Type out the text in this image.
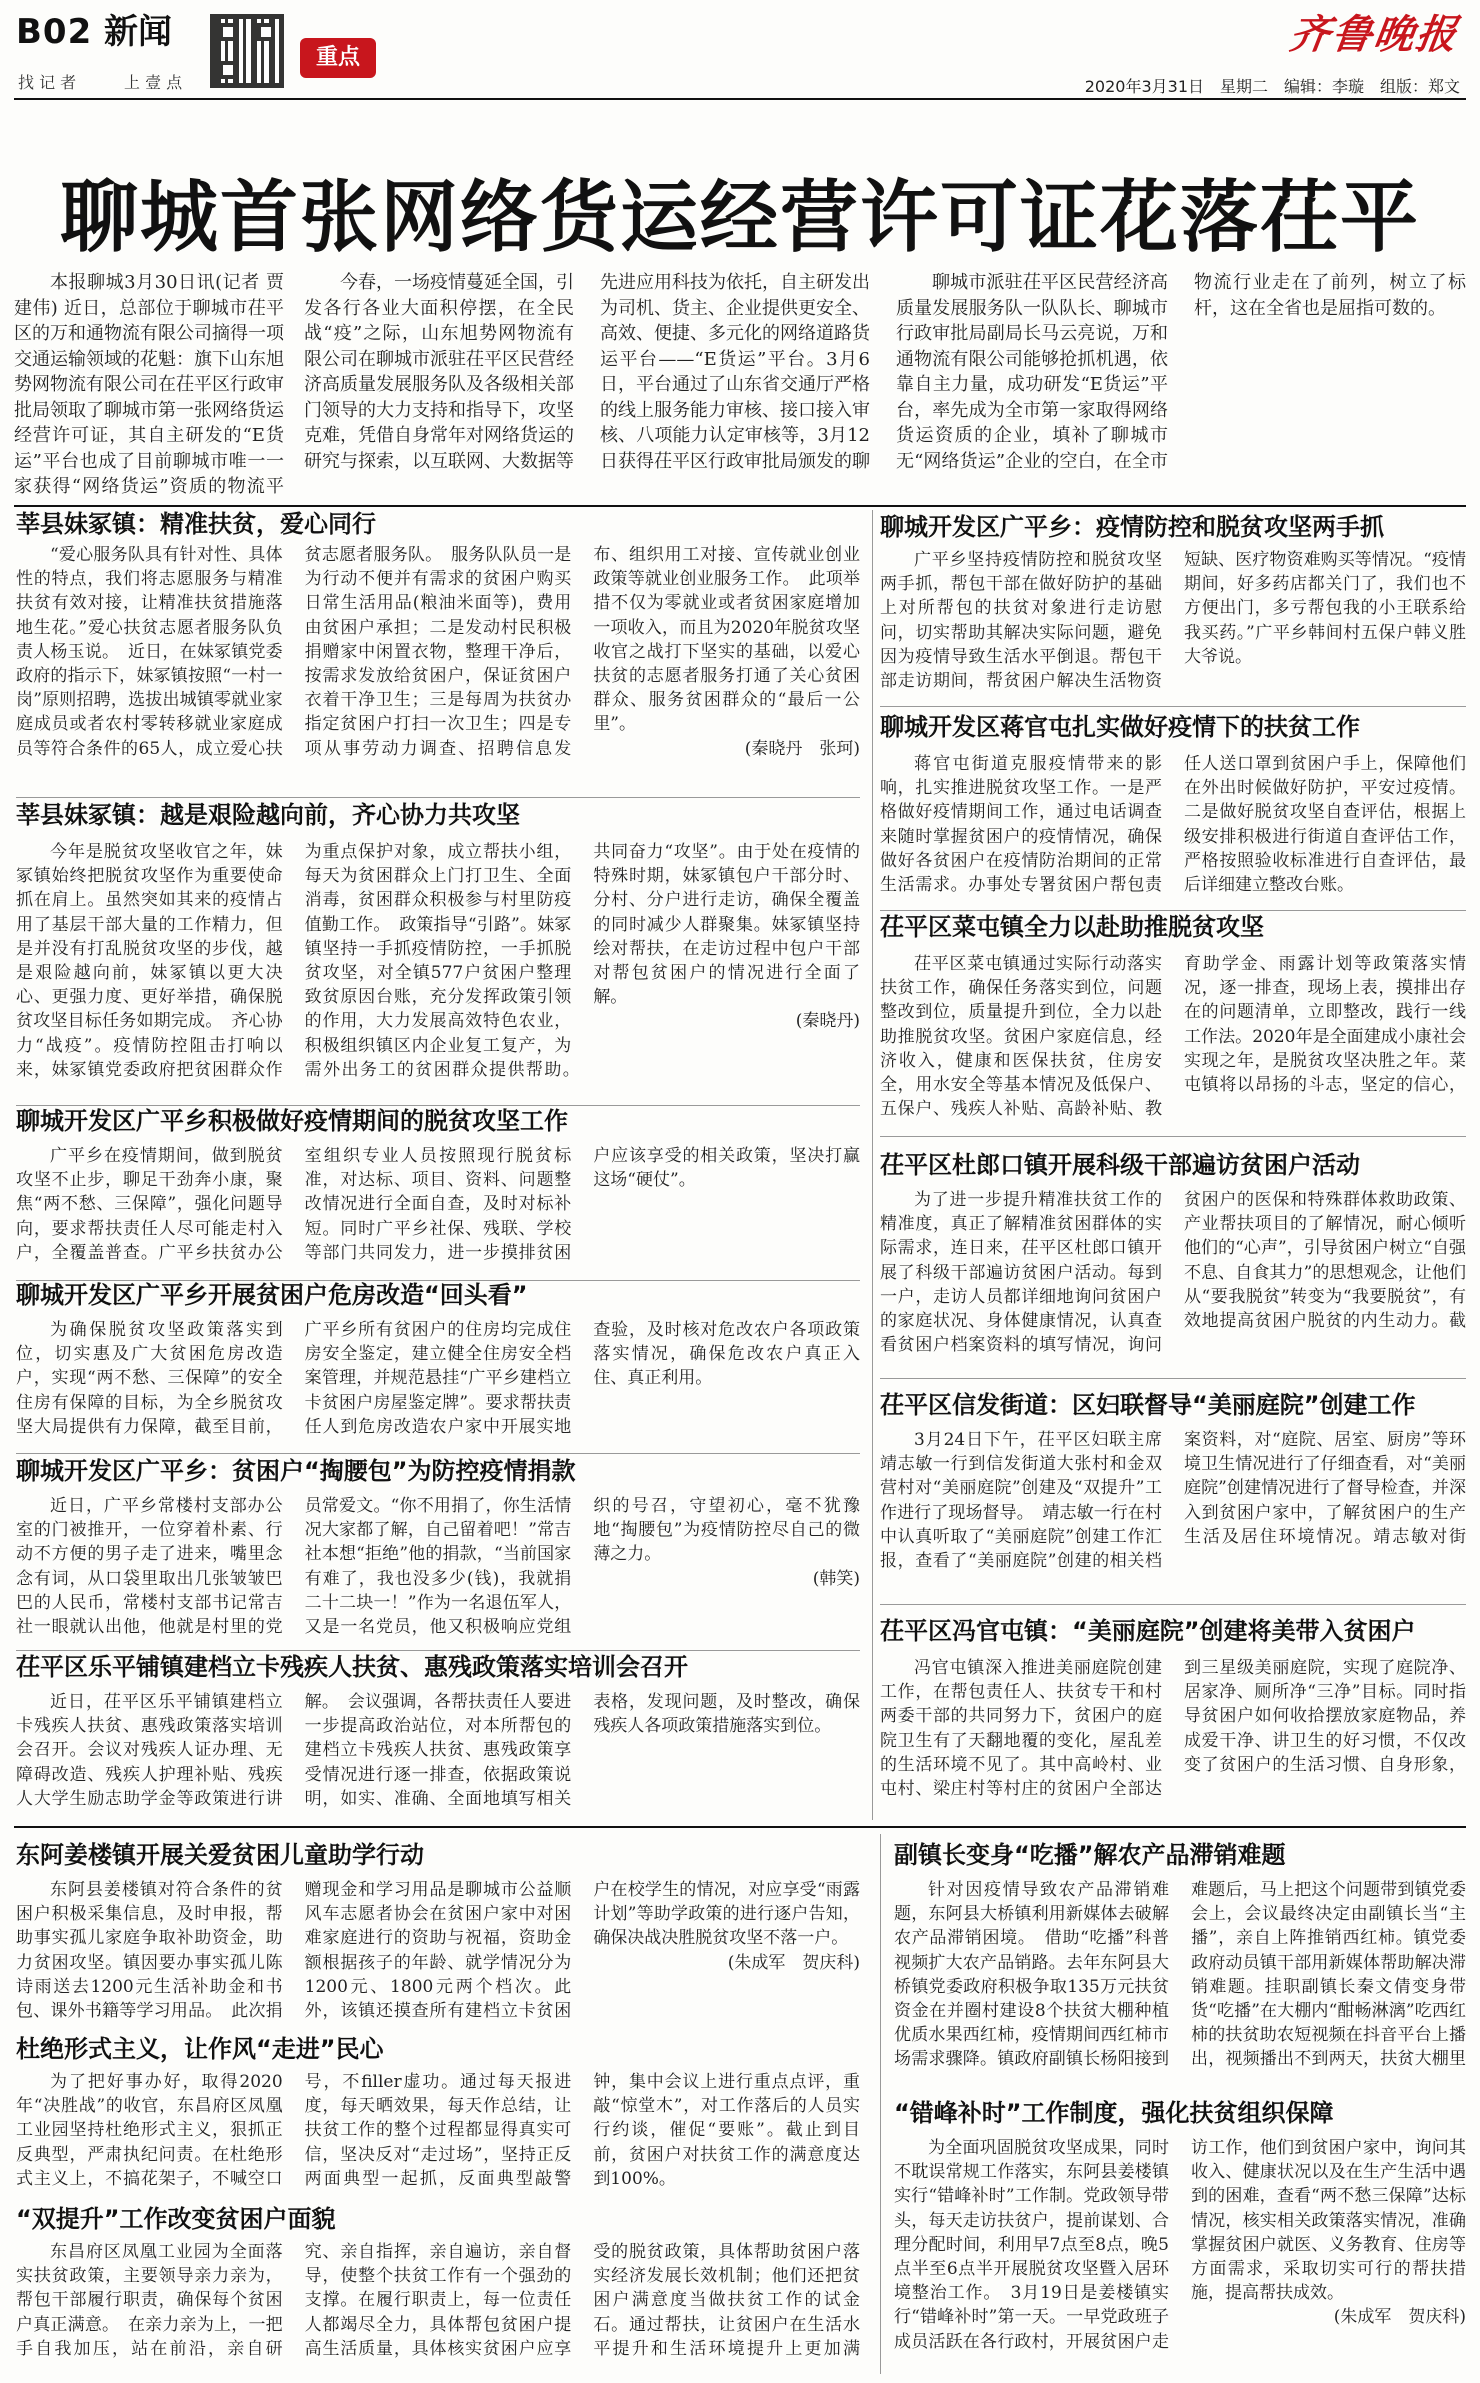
B02 新闻
找 记 者	上 壹 点
重点	齐鲁晚报
2020年3月31日　星期二　编辑：李璇　组版：郑文
聊城首张网络货运经营许可证花落茌平

本报聊城3月30日讯(记者 贾建伟) 近日，总部位于聊城市茌平区的万和通物流有限公司摘得一项交通运输领域的花魁：旗下山东旭势网物流有限公司在茌平区行政审批局领取了聊城市第一张网络货运经营许可证，其自主研发的“E货运”平台也成了目前聊城市唯一一家获得“网络货运”资质的物流平

今春，一场疫情蔓延全国，引发各行各业大面积停摆，在全民战“疫”之际，山东旭势网物流有限公司在聊城市派驻茌平区民营经济高质量发展服务队及各级相关部门领导的大力支持和指导下，攻坚克难，凭借自身常年对网络货运的研究与探索，以互联网、大数据等先进应用科技为依托，自主研发出为司机、货主、企业提供更安全、高效、便捷、多元化的网络道路货运平台——“E货运”平台。3月6日，平台通过了山东省交通厅严格的线上服务能力审核、接口接入审核、八项能力认定审核等，3月12日获得茌平区行政审批局颁发的聊

聊城市派驻茌平区民营经济高质量发展服务队一队队长、聊城市行政审批局副局长马云亮说，万和通物流有限公司能够抢抓机遇，依靠自主力量，成功研发“E货运”平台，率先成为全市第一家取得网络货运资质的企业，填补了聊城市无“网络货运”企业的空白，在全市物流行业走在了前列，树立了标杆，这在全省也是屈指可数的。

莘县妹冢镇：精准扶贫，爱心同行

“爱心服务队具有针对性、具体性的特点，我们将志愿服务与精准扶贫有效对接，让精准扶贫措施落地生花。”爱心扶贫志愿者服务队负责人杨玉说。　近日，在妹冢镇党委政府的指示下，妹冢镇按照“一村一岗”原则招聘，选拔出城镇零就业家庭成员或者农村零转移就业家庭成员等符合条件的65人，成立爱心扶贫志愿者服务队。　服务队队员一是为行动不便并有需求的贫困户购买日常生活用品(粮油米面等)，费用由贫困户承担；二是发动村民积极捐赠家中闲置衣物，整理干净后，按需求发放给贫困户，保证贫困户衣着干净卫生；三是每周为扶贫办指定贫困户打扫一次卫生；四是专项从事劳动力调查、招聘信息发布、组织用工对接、宣传就业创业政策等就业创业服务工作。　此项举措不仅为零就业或者贫困家庭增加一项收入，而且为2020年脱贫攻坚收官之战打下坚实的基础，以爱心扶贫的志愿者服务打通了关心贫困群众、服务贫困群众的“最后一公里”。

(秦晓丹　张珂)

莘县妹冢镇：越是艰险越向前，齐心协力共攻坚

今年是脱贫攻坚收官之年，妹冢镇始终把脱贫攻坚作为重要使命抓在肩上。虽然突如其来的疫情占用了基层干部大量的工作精力，但是并没有打乱脱贫攻坚的步伐，越是艰险越向前，妹冢镇以更大决心、更强力度、更好举措，确保脱贫攻坚目标任务如期完成。　齐心协力“战疫”。疫情防控阻击打响以来，妹冢镇党委政府把贫困群众作为重点保护对象，成立帮扶小组，每天为贫困群众上门打卫生、全面消毒，贫困群众积极参与村里防疫值勤工作。　政策指导“引路”。妹冢镇坚持一手抓疫情防控，一手抓脱贫攻坚，对全镇577户贫困户整理致贫原因台账，充分发挥政策引领的作用，大力发展高效特色农业，积极组织镇区内企业复工复产，为需外出务工的贫困群众提供帮助。　共同奋力“攻坚”。由于处在疫情的特殊时期，妹冢镇包户干部分时、分村、分户进行走访，确保全覆盖的同时减少人群聚集。妹冢镇坚持绘对帮扶，在走访过程中包户干部对帮包贫困户的情况进行全面了解。

(秦晓丹)

聊城开发区广平乡积极做好疫情期间的脱贫攻坚工作

广平乡在疫情期间，做到脱贫攻坚不止步，聊足干劲奔小康，聚焦“两不愁、三保障”，强化问题导向，要求帮扶责任人尽可能走村入户，全覆盖普查。广平乡扶贫办公室组织专业人员按照现行脱贫标准，对达标、项目、资料、问题整改情况进行全面自查，及时对标补短。同时广平乡社保、残联、学校等部门共同发力，进一步摸排贫困户应该享受的相关政策，坚决打赢这场“硬仗”。

聊城开发区广平乡开展贫困户危房改造“回头看”

为确保脱贫攻坚政策落实到位，切实惠及广大贫困危房改造户，实现“两不愁、三保障”的安全住房有保障的目标，为全乡脱贫攻坚大局提供有力保障，截至目前，广平乡所有贫困户的住房均完成住房安全鉴定，建立健全住房安全档案管理，并规范悬挂“广平乡建档立卡贫困户房屋鉴定牌”。要求帮扶责任人到危房改造农户家中开展实地查验，及时核对危改农户各项政策落实情况，确保危改农户真正入住、真正利用。

聊城开发区广平乡：贫困户“掏腰包”为防控疫情捐款

近日，广平乡常楼村支部办公室的门被推开，一位穿着朴素、行动不方便的男子走了进来，嘴里念念有词，从口袋里取出几张皱皱巴巴的人民币，常楼村支部书记常吉社一眼就认出他，他就是村里的党员常爱文。“你不用捐了，你生活情况大家都了解，自己留着吧！”常吉社本想“拒绝”他的捐款，“当前国家有难了，我也没多少(钱)，我就捐二十二块一！”作为一名退伍军人，又是一名党员，他又积极响应党组织的号召，守望初心，毫不犹豫地“掏腰包”为疫情防控尽自己的微薄之力。

(韩笑)

茌平区乐平铺镇建档立卡残疾人扶贫、惠残政策落实培训会召开

近日，茌平区乐平铺镇建档立卡残疾人扶贫、惠残政策落实培训会召开。会议对残疾人证办理、无障碍改造、残疾人护理补贴、残疾人大学生励志助学金等政策进行讲解。　会议强调，各帮扶责任人要进一步提高政治站位，对本所帮包的建档立卡残疾人扶贫、惠残政策享受情况进行逐一排查，依据政策说明，如实、准确、全面地填写相关表格，发现问题，及时整改，确保残疾人各项政策措施落实到位。

聊城开发区广平乡：疫情防控和脱贫攻坚两手抓

广平乡坚持疫情防控和脱贫攻坚两手抓，帮包干部在做好防护的基础上对所帮包的扶贫对象进行走访慰问，切实帮助其解决实际问题，避免因为疫情导致生活水平倒退。帮包干部走访期间，帮贫困户解决生活物资短缺、医疗物资难购买等情况。“疫情期间，好多药店都关门了，我们也不方便出门，多亏帮包我的小王联系给我买药。”广平乡韩间村五保户韩义胜大爷说。

聊城开发区蒋官屯扎实做好疫情下的扶贫工作

蒋官屯街道克服疫情带来的影响，扎实推进脱贫攻坚工作。一是严格做好疫情期间工作，通过电话调查来随时掌握贫困户的疫情情况，确保做好各贫困户在疫情防治期间的正常生活需求。办事处专署贫困户帮包责任人送口罩到贫困户手上，保障他们在外出时候做好防护，平安过疫情。二是做好脱贫攻坚自查评估，根据上级安排积极进行街道自查评估工作，严格按照验收标准进行自查评估，最后详细建立整改台账。

茌平区菜屯镇全力以赴助推脱贫攻坚

茌平区菜屯镇通过实际行动落实扶贫工作，确保任务落实到位，问题整改到位，质量提升到位，全力以赴助推脱贫攻坚。贫困户家庭信息，经济收入，健康和医保扶贫，住房安全，用水安全等基本情况及低保户、五保户、残疾人补贴、高龄补贴、教育助学金、雨露计划等政策落实情况，逐一排查，现场上表，摸排出存在的问题清单，立即整改，践行一线工作法。2020年是全面建成小康社会实现之年，是脱贫攻坚决胜之年。菜屯镇将以昂扬的斗志，坚定的信心，

茌平区杜郎口镇开展科级干部遍访贫困户活动

为了进一步提升精准扶贫工作的精准度，真正了解精准贫困群体的实际需求，连日来，茌平区杜郎口镇开展了科级干部遍访贫困户活动。每到一户，走访人员都详细地询问贫困户的家庭状况、身体健康情况，认真查看贫困户档案资料的填写情况，询问贫困户的医保和特殊群体救助政策、产业帮扶项目的了解情况，耐心倾听他们的“心声”，引导贫困户树立“自强不息、自食其力”的思想观念，让他们从“要我脱贫”转变为“我要脱贫”，有效地提高贫困户脱贫的内生动力。截

茌平区信发街道：区妇联督导“美丽庭院”创建工作

3月24日下午，茌平区妇联主席靖志敏一行到信发街道大张村和金双营村对“美丽庭院”创建及“双提升”工作进行了现场督导。　靖志敏一行在村中认真听取了“美丽庭院”创建工作汇报，查看了“美丽庭院”创建的相关档案资料，对“庭院、居室、厨房”等环境卫生情况进行了仔细查看，对“美丽庭院”创建情况进行了督导检查，并深入到贫困户家中，了解贫困户的生产生活及居住环境情况。靖志敏对街

茌平区冯官屯镇：“美丽庭院”创建将美带入贫困户

冯官屯镇深入推进美丽庭院创建工作，在帮包责任人、扶贫专干和村两委干部的共同努力下，贫困户的庭院卫生有了天翻地覆的变化，屋乱差的生活环境不见了。其中高岭村、业屯村、梁庄村等村庄的贫困户全部达到三星级美丽庭院，实现了庭院净、居家净、厕所净“三净”目标。同时指导贫困户如何收拾摆放家庭物品，养成爱干净、讲卫生的好习惯，不仅改变了贫困户的生活习惯、自身形象，

东阿姜楼镇开展关爱贫困儿童助学行动

东阿县姜楼镇对符合条件的贫困户积极采集信息，及时申报，帮助事实孤儿家庭争取补助资金，助力贫困攻坚。镇因要办事实孤儿陈诗雨送去1200元生活补助金和书包、课外书籍等学习用品。　此次捐赠现金和学习用品是聊城市公益顺风车志愿者协会在贫困户家中对困难家庭进行的资助与祝福，资助金额根据孩子的年龄、就学情况分为1200元、1800元两个档次。此外，该镇还摸查所有建档立卡贫困户在校学生的情况，对应享受“雨露计划”等助学政策的进行逐户告知，确保决战决胜脱贫攻坚不落一户。

(朱成军　贺庆科)

杜绝形式主义，让作风“走进”民心

为了把好事办好，取得2020年“决胜战”的收官，东昌府区凤凰工业园坚持杜绝形式主义，狠抓正反典型，严肃执纪问责。在杜绝形式主义上，不搞花架子，不喊空口号，不filler虚功。通过每天报进度，每天晒效果，每天作总结，让扶贫工作的整个过程都显得真实可信，坚决反对“走过场”，坚持正反两面典型一起抓，反面典型敲警钟，集中会议上进行重点点评，重敲“惊堂木”，对工作落后的人员实行约谈，催促“要账”。截止到目前，贫困户对扶贫工作的满意度达到100%。

“双提升”工作改变贫困户面貌

东昌府区凤凰工业园为全面落实扶贫政策，主要领导亲力亲为，帮包干部履行职责，确保每个贫困户真正满意。　在亲力亲为上，一把手自我加压，站在前沿，亲自研究、亲自指挥，亲自遍访，亲自督导，使整个扶贫工作有一个强劲的支撑。在履行职责上，每一位责任人都竭尽全力，具体帮包贫困户提高生活质量，具体核实贫困户应享受的脱贫政策，具体帮助贫困户落实经济发展长效机制；他们还把贫困户满意度当做扶贫工作的试金石。通过帮扶，让贫困户在生活水平提升和生活环境提升上更加满

副镇长变身“吃播”解农产品滞销难题

针对因疫情导致农产品滞销难题，东阿县大桥镇利用新媒体去破解农产品滞销困境。　借助“吃播”科普视频扩大农产品销路。去年东阿县大桥镇党委政府积极争取135万元扶贫资金在并圈村建设8个扶贫大棚种植优质水果西红柿，疫情期间西红柿市场需求骤降。镇政府副镇长杨阳接到难题后，马上把这个问题带到镇党委会上，会议最终决定由副镇长当“主播”，亲自上阵推销西红柿。镇党委政府动员镇干部用新媒体帮助解决滞销难题。挂职副镇长秦文倩变身带货“吃播”在大棚内“酣畅淋漓”吃西红柿的扶贫助农短视频在抖音平台上播出，视频播出不到两天，扶贫大棚里

“错峰补时”工作制度，强化扶贫组织保障

为全面巩固脱贫攻坚成果，同时不耽误常规工作落实，东阿县姜楼镇实行“错峰补时”工作制。党政领导带头，每天走访扶贫户，提前谋划、合理分配时间，利用早7点至8点，晚5点半至6点半开展脱贫攻坚暨入居环境整治工作。　3月19日是姜楼镇实行“错峰补时”第一天。一早党政班子成员活跃在各行政村，开展贫困户走访工作，他们到贫困户家中，询问其收入、健康状况以及在生产生活中遇到的困难，查看“两不愁三保障”达标情况，核实相关政策落实情况，准确掌握贫困户就医、义务教育、住房等方面需求，采取切实可行的帮扶措施，提高帮扶成效。

(朱成军　贺庆科)
